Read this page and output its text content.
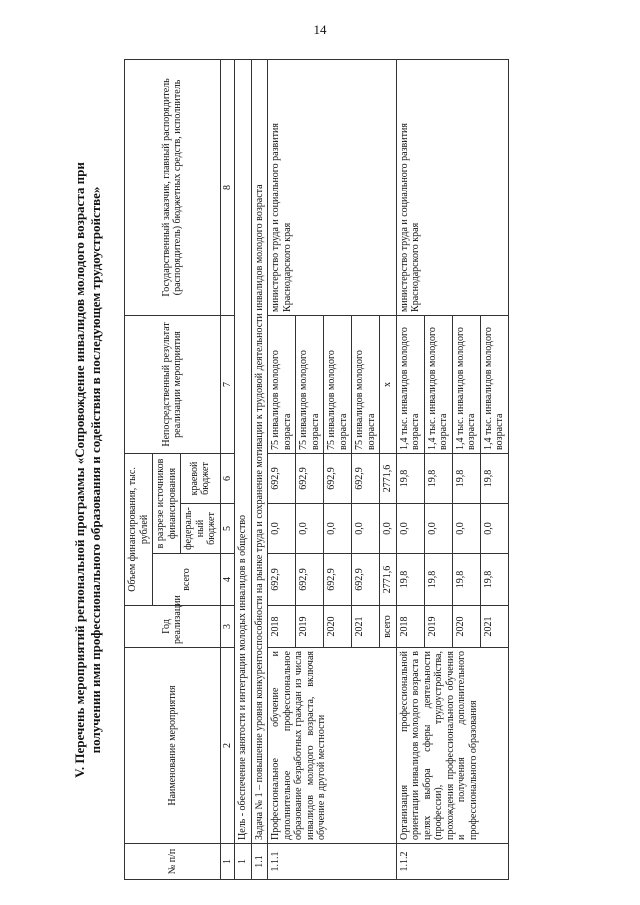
14
V. Перечень мероприятий региональной программы «Сопровождение инвалидов молодого возраста при получении ими профессионального образования и содействия в последующем трудоустройстве»
№ п/п	Наименование мероприятия	Год реализации	Объем финансирования, тыс. рублей			Непосредственный результат реализации мероприятия	Государственный заказчик, главный распорядитель (распорядитель) бюджетных средств, исполнитель
			всего	в разрезе источников финансирования			
				федераль-ный бюджет	краевой бюджет		
1	2	3	4	5	6	7	8
1	Цель - обеспечение занятости и интеграции молодых инвалидов в общество						
1.1	Задача № 1 – повышение уровня конкурентоспособности на рынке труда и сохранение мотивации к трудовой деятельности инвалидов молодого возраста						
1.1.1	Профессиональное обучение и дополнительное профессиональное образование безработных граждан из числа инвалидов молодого возраста, включая обучение в другой местности	2018	692,9	0,0	692,9	75 инвалидов молодого возраста	министерство труда и социального развития Краснодарского края
		2019	692,9	0,0	692,9	75 инвалидов молодого возраста	
		2020	692,9	0,0	692,9	75 инвалидов молодого возраста	
		2021	692,9	0,0	692,9	75 инвалидов молодого возраста	
		всего	2771,6	0,0	2771,6	х	
1.1.2	Организация профессиональной ориентации инвалидов молодого возраста в целях выбора сферы деятельности (профессии), трудоустройства, прохождения профессионального обучения и получения дополнительного профессионального образования	2018	19,8	0,0	19,8	1,4 тыс. инвалидов молодого возраста	министерство труда и социального развития Краснодарского края
		2019	19,8	0,0	19,8	1,4 тыс. инвалидов молодого возраста	
		2020	19,8	0,0	19,8	1,4 тыс. инвалидов молодого возраста	
		2021	19,8	0,0	19,8	1,4 тыс. инвалидов молодого возраста	
